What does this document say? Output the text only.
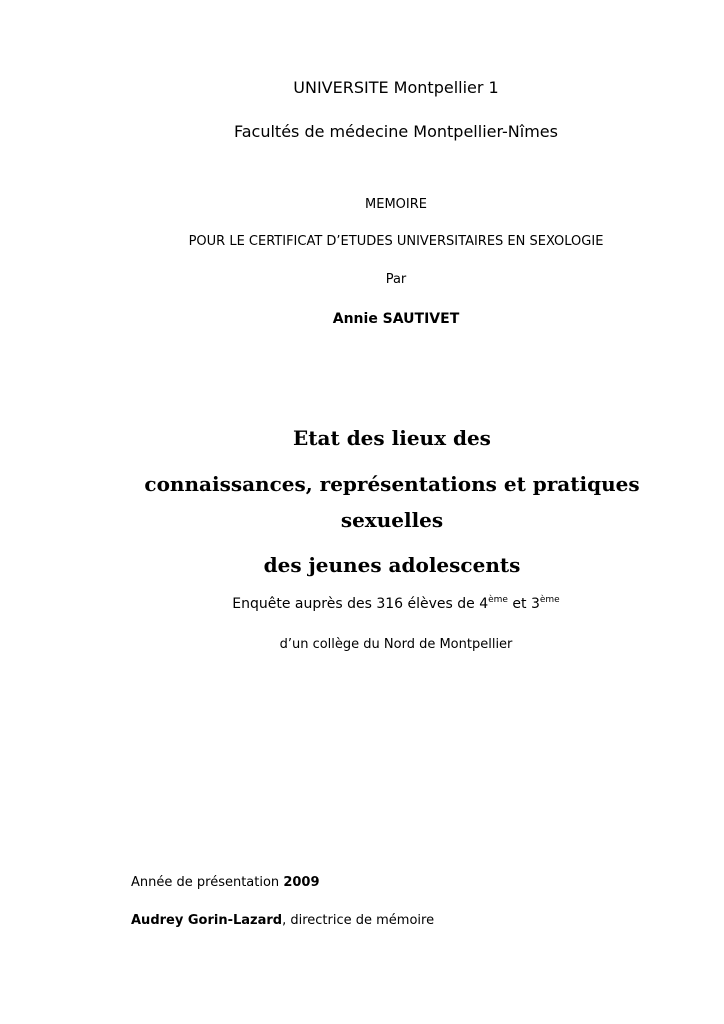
UNIVERSITE Montpellier 1
Facultés de médecine Montpellier-Nîmes
MEMOIRE
POUR LE CERTIFICAT D’ETUDES UNIVERSITAIRES EN SEXOLOGIE
Par
Annie SAUTIVET
Etat des lieux des
connaissances, représentations et pratiques
sexuelles
des jeunes adolescents
Enquête auprès des 316 élèves de 4ème et 3ème
d’un collège du Nord de Montpellier
Année de présentation 2009
Audrey Gorin-Lazard, directrice de mémoire
